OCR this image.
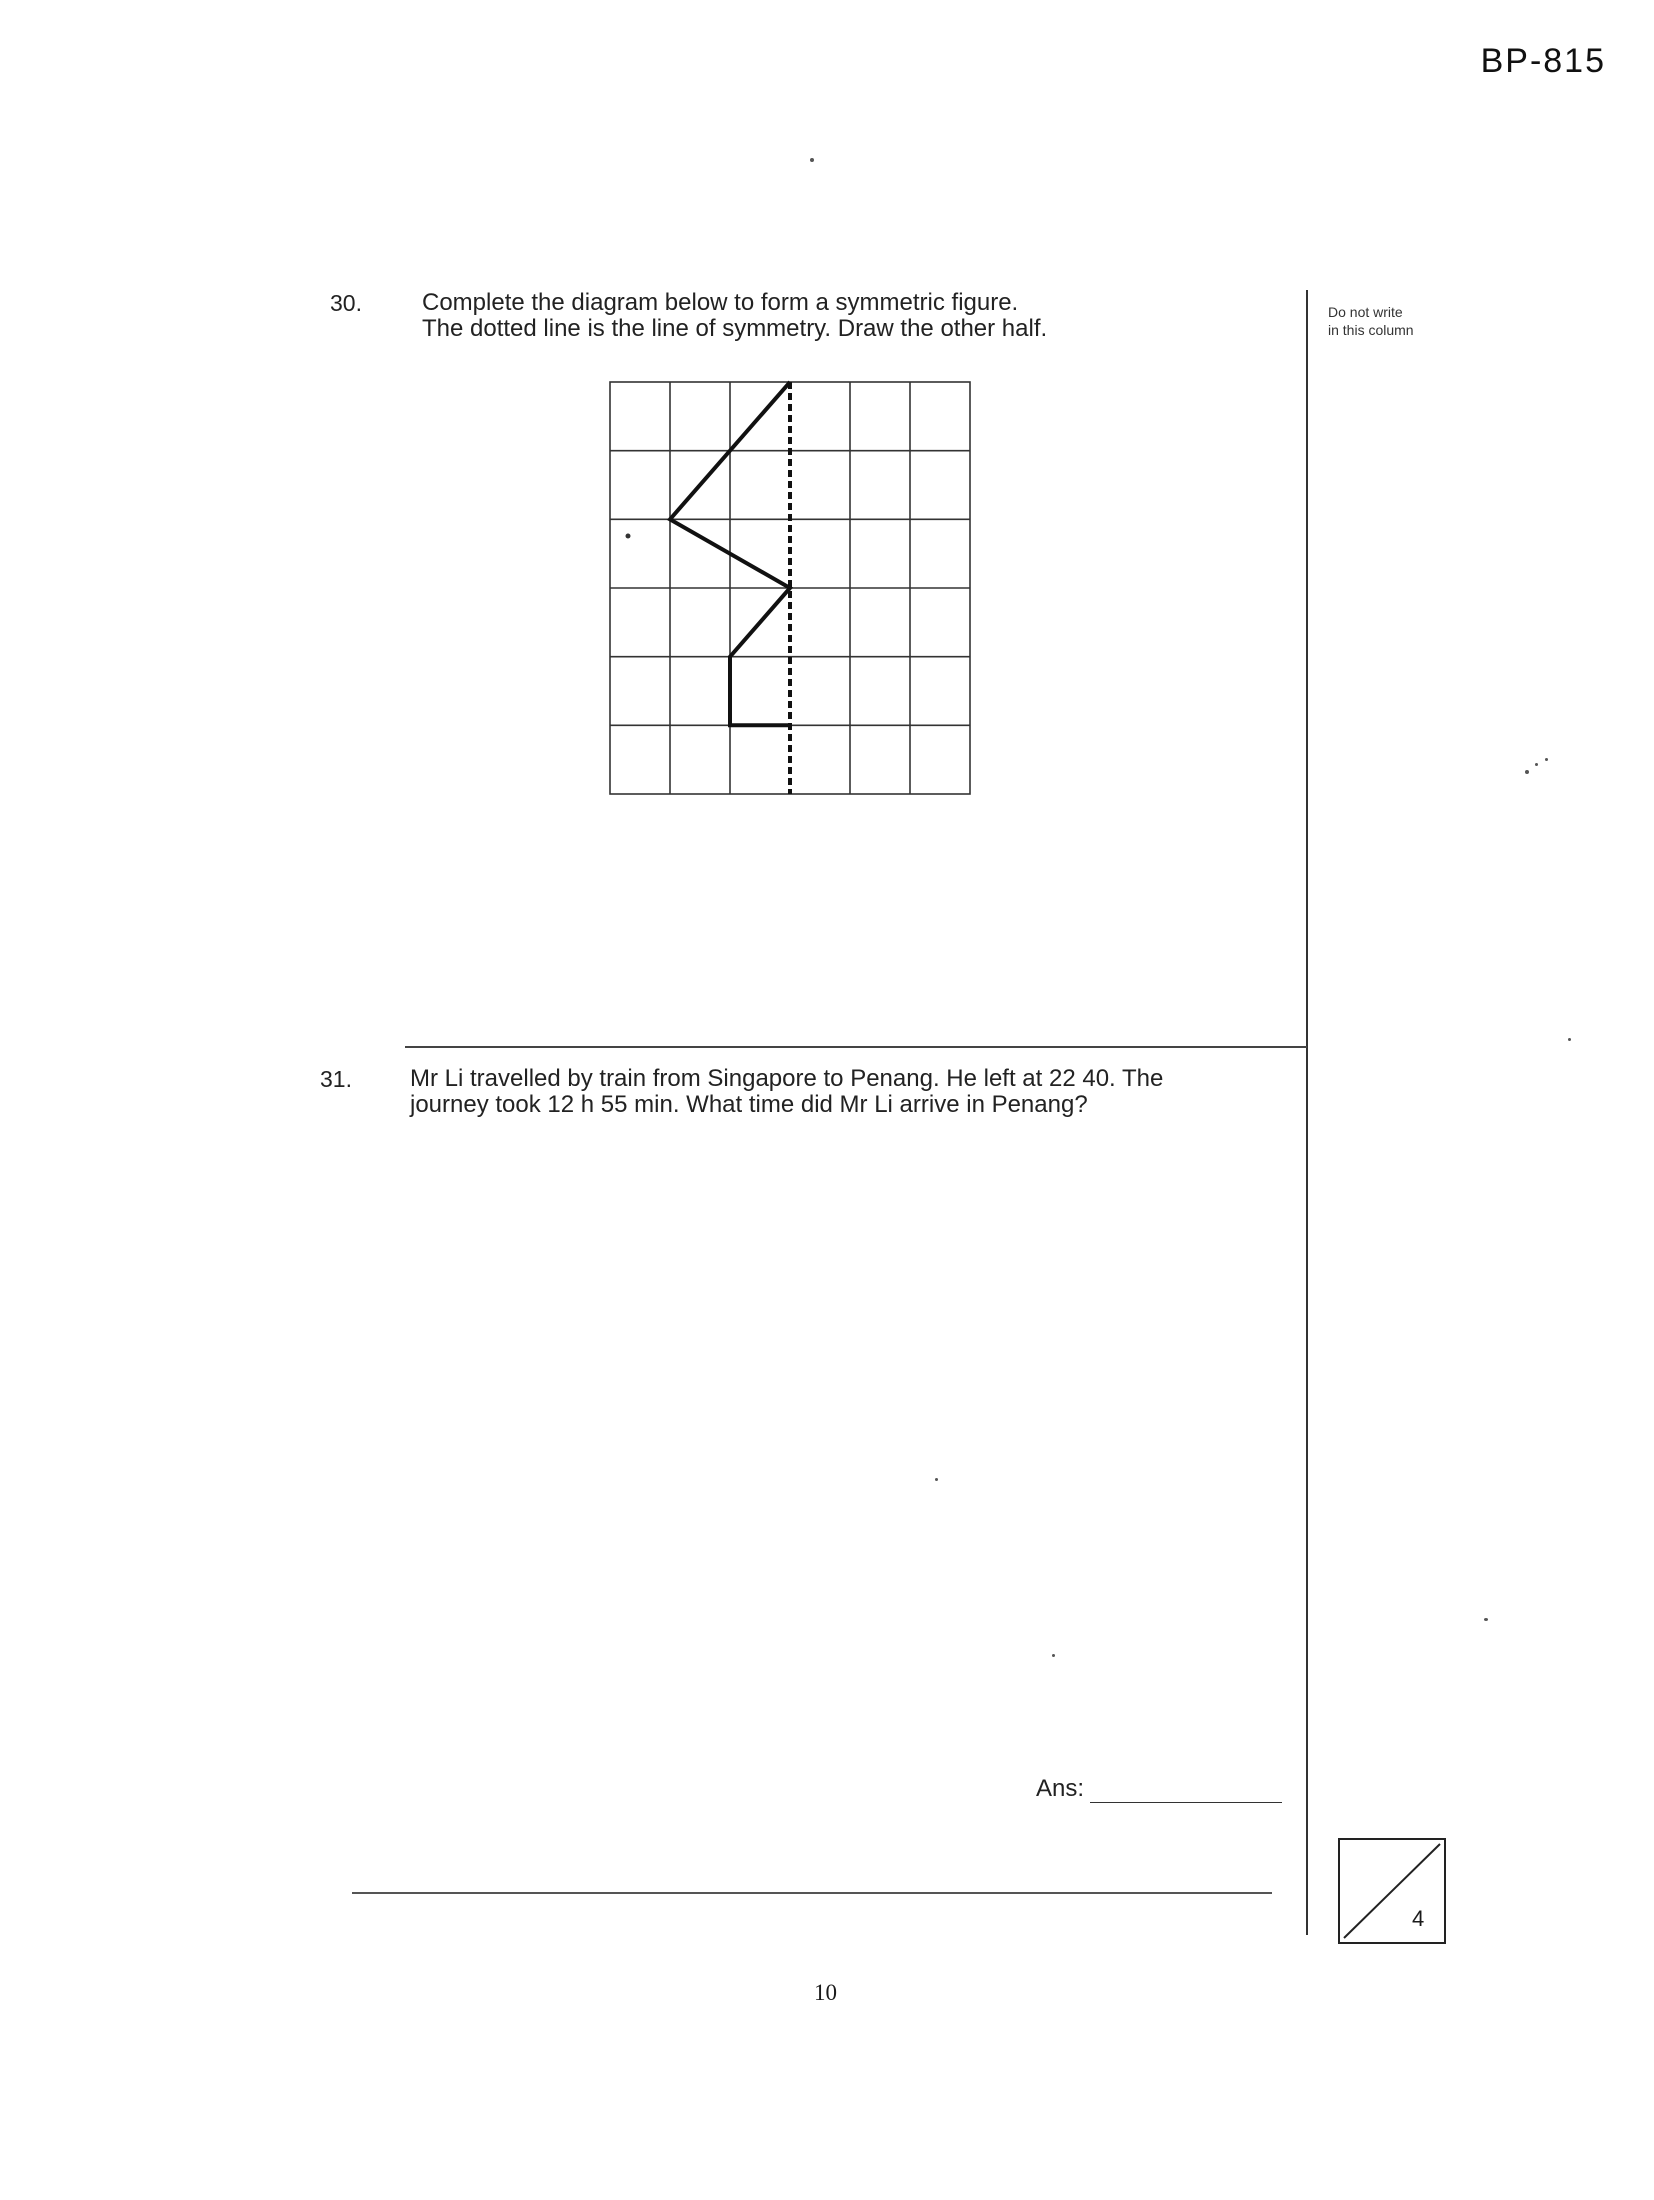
BP-815
30.	Complete the diagram below to form a symmetric figure.
The dotted line is the line of symmetry. Draw the other half.
Do not write
in this column
31. Mr Li travelled by train from Singapore to Penang. He left at 22 40. The
journey took 12 h 55 min. What time did Mr Li arrive in Penang?
Ans:
4
10
